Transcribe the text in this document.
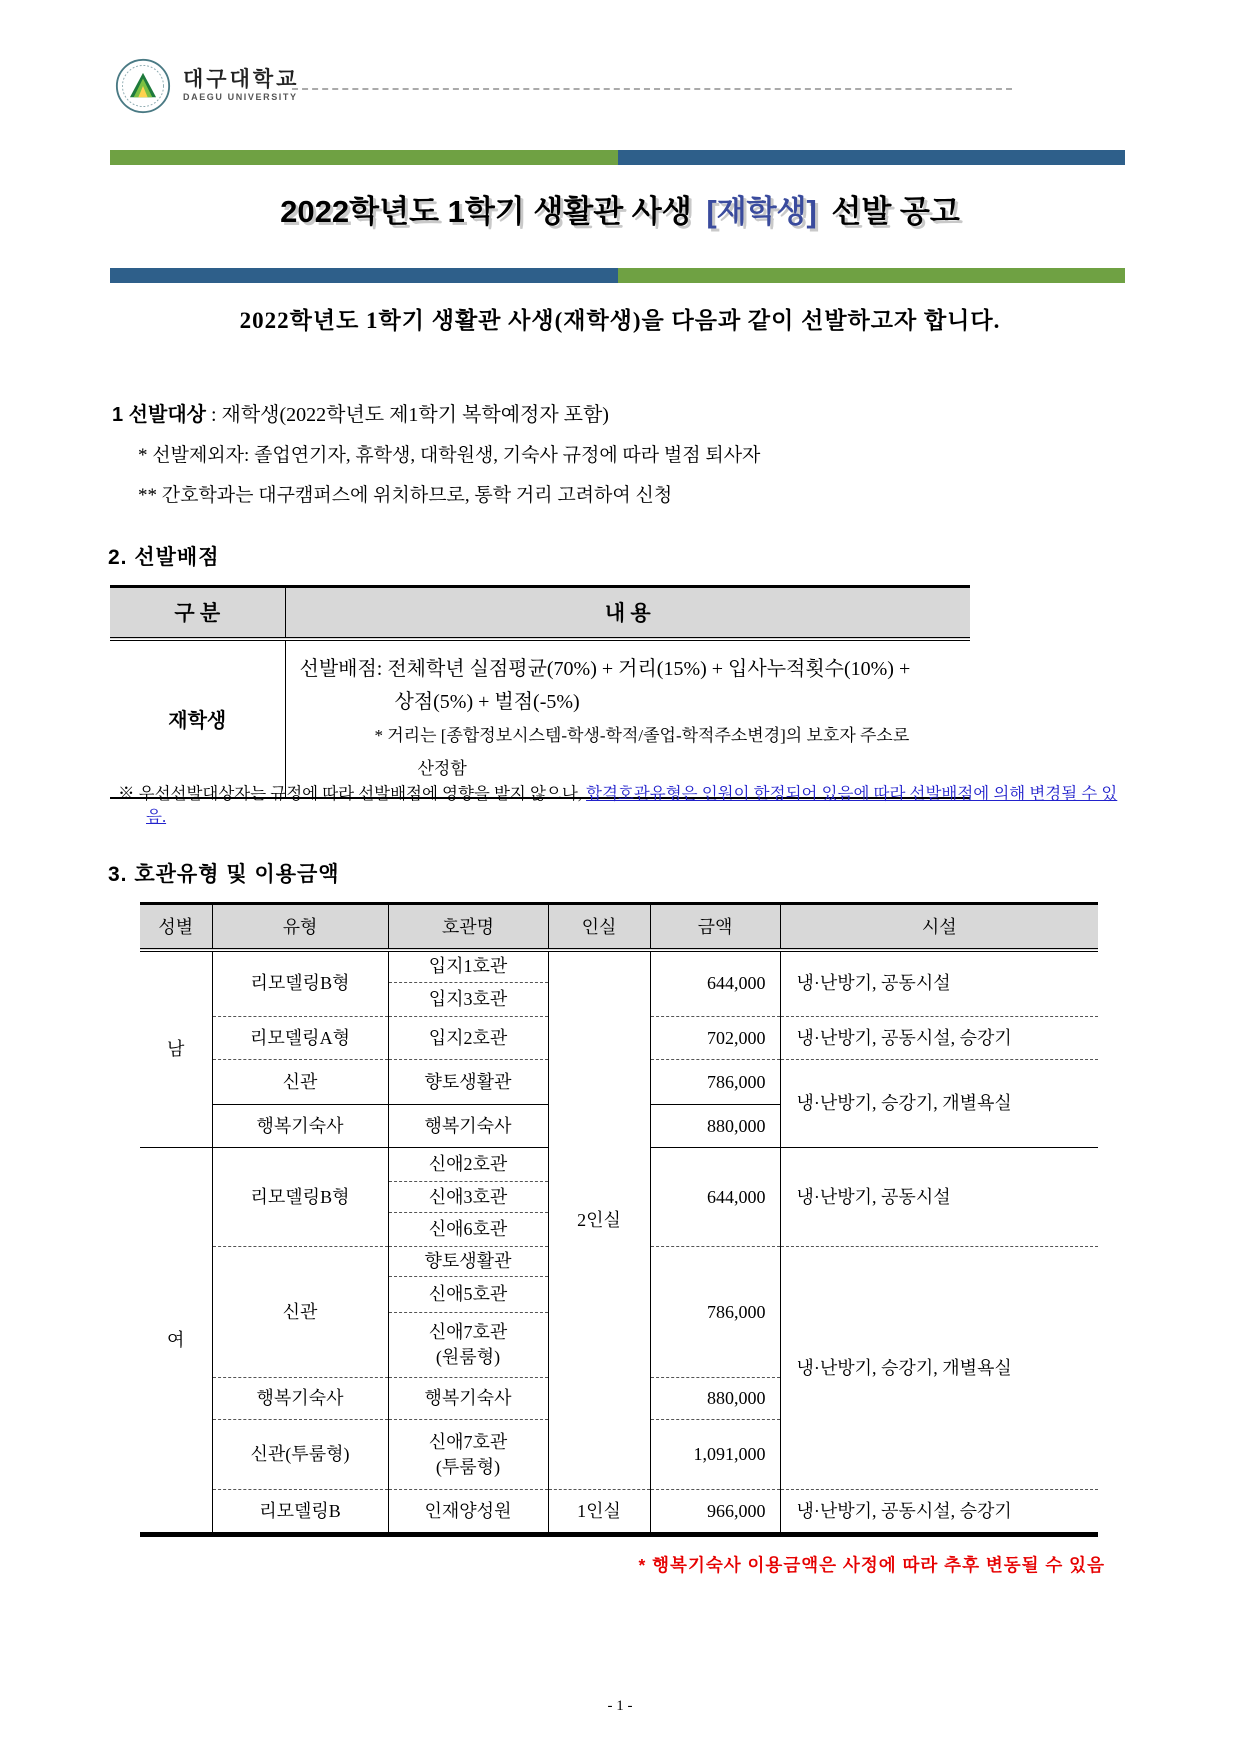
대구대학교
DAEGU UNIVERSITY
2022학년도 1학기 생활관 사생 [재학생] 선발 공고
2022학년도 1학기 생활관 사생(재학생)을 다음과 같이 선발하고자 합니다.
1 선발대상 : 재학생(2022학년도 제1학기 복학예정자 포함)
* 선발제외자: 졸업연기자, 휴학생, 대학원생, 기숙사 규정에 따라 벌점 퇴사자
** 간호학과는 대구캠퍼스에 위치하므로, 통학 거리 고려하여 신청
2. 선발배점
구 분	내 용
재학생	선발배점: 전체학년 실점평균(70%) + 거리(15%) + 입사누적횟수(10%) +
상점(5%) + 벌점(-5%)
* 거리는 [종합정보시스템-학생-학적/졸업-학적주소변경]의 보호자 주소로
산정함

※ 우선선발대상자는 규정에 따라 선발배점에 영향을 받지 않으나, 합격호관유형은 인원이 한정되어 있음에 따라 선발배점에 의해 변경될 수 있음.

3. 호관유형 및 이용금액
성별	유형	호관명	인실	금액	시설
남	리모델링B형	입지1호관	2인실	644,000	냉·난방기, 공동시설
		입지3호관			
	리모델링A형	입지2호관		702,000	냉·난방기, 공동시설, 승강기
	신관	향토생활관		786,000	냉·난방기, 승강기, 개별욕실
	행복기숙사	행복기숙사		880,000	
여	리모델링B형	신애2호관		644,000	냉·난방기, 공동시설
		신애3호관			
		신애6호관			
	신관	향토생활관		786,000	냉·난방기, 승강기, 개별욕실
		신애5호관			

		신애7호관
(원룸형)			

	행복기숙사	행복기숙사		880,000	
	신관(투룸형)	신애7호관
(투룸형)		1,091,000	
	리모델링B	인재양성원	1인실	966,000	냉·난방기, 공동시설, 승강기
* 행복기숙사 이용금액은 사정에 따라 추후 변동될 수 있음
- 1 -
